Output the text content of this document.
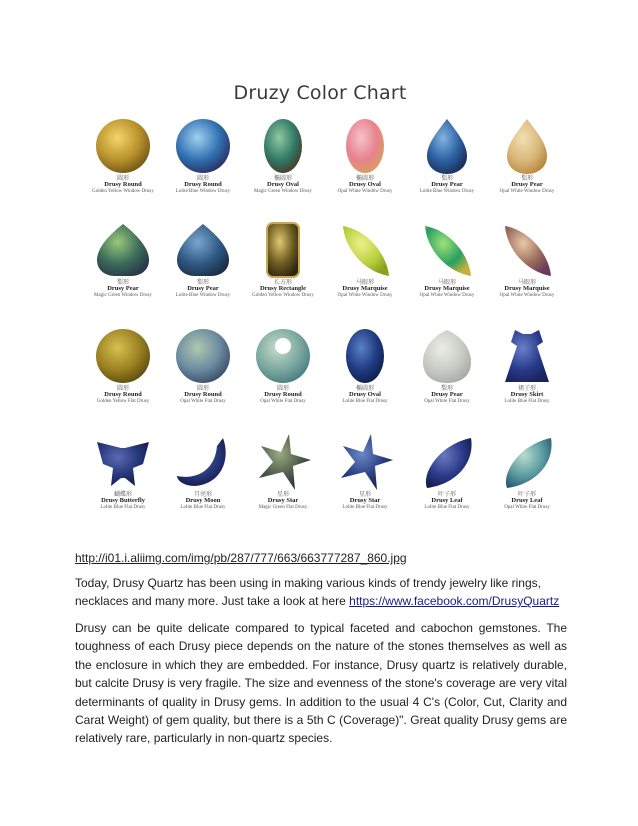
Druzy Color Chart
圆形
Drusy Round
Golden Yellow Window Drusy
圆形
Drusy Round
Lolite Blue Window Drusy
椭圆形
Drusy Oval
Magic Green Window Drusy
椭圆形
Drusy Oval
Opal White Window Drusy
梨形
Drusy Pear
Lolite Blue Window Drusy
梨形
Drusy Pear
Opal White Window Drusy
梨形
Drusy Pear
Magic Green Window Drusy
梨形
Drusy Pear
Lolite Blue Window Drusy
长方形
Drusy Rectangle
Golden Yellow Window Drusy
马眼形
Drusy Marquise
Opal White Window Drusy
马眼形
Drusy Marquise
Opal White Window Drusy
马眼形
Drusy Marquise
Opal White Window Drusy
圆形
Drusy Round
Golden Yellow Flat Drusy
圆形
Drusy Round
Opal White Flat Drusy
圆形
Drusy Round
Opal White Flat Drusy
椭圆形
Drusy Oval
Lolite Blue Flat Drusy
梨形
Drusy Pear
Opal White Flat Drusy
裙子形
Drusy Skirt
Lolite Blue Flat Drusy
蝴蝶形
Drusy Butterfly
Lolite Blue Flat Drusy
月亮形
Drusy Moon
Lolite Blue Flat Drusy
星形
Drusy Star
Magic Green Flat Drusy
星形
Drusy Star
Lolite Blue Flat Drusy
叶子形
Drusy Leaf
Lolite Blue Flat Drusy
叶子形
Drusy Leaf
Opal White Flat Drusy
http://i01.i.aliimg.com/img/pb/287/777/663/663777287_860.jpg

Today, Drusy Quartz has been using in making various kinds of trendy jewelry like rings, necklaces and many more. Just take a look at here https://www.facebook.com/DrusyQuartz

Drusy can be quite delicate compared to typical faceted and cabochon gemstones. The toughness of each Drusy piece depends on the nature of the stones themselves as well as the enclosure in which they are embedded. For instance, Drusy quartz is relatively durable, but calcite Drusy is very fragile. The size and evenness of the stone's coverage are very vital determinants of quality in Drusy gems. In addition to the usual 4 C's (Color, Cut, Clarity and Carat Weight) of gem quality, but there is a 5th C (Coverage)". Great quality Drusy gems are relatively rare, particularly in non-quartz species.
